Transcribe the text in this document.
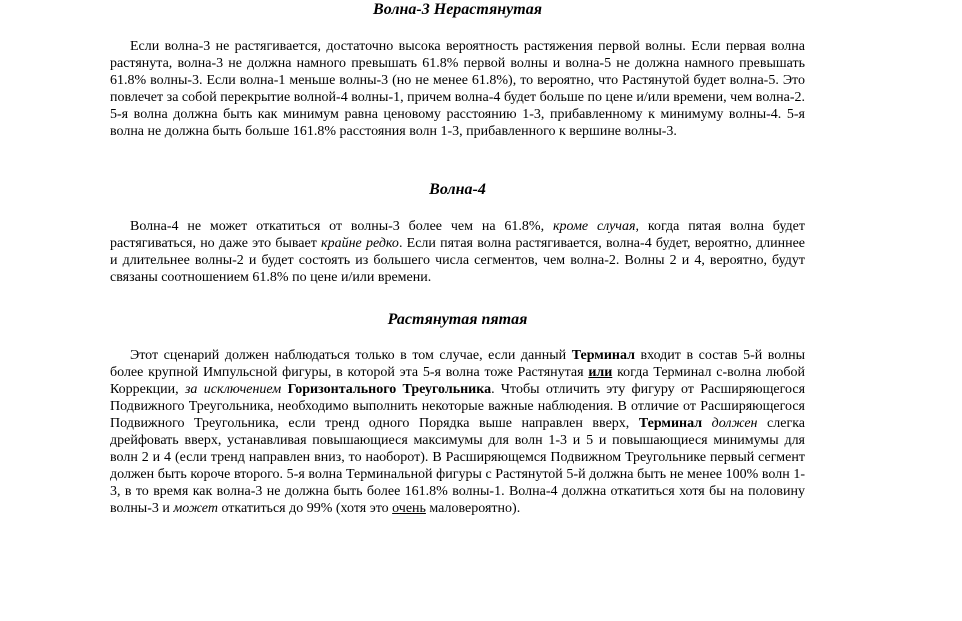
Волна-3 Нерастянутая

Если волна-3 не растягивается, достаточно высока вероятность растяжения первой волны. Если первая волна растянута, волна-3 не должна намного превышать 61.8% первой волны и волна-5 не должна намного превышать 61.8% волны-3. Если волна-1 меньше волны-3 (но не менее 61.8%), то вероятно, что Растянутой будет волна-5. Это повлечет за собой перекрытие волной-4 волны-1, причем волна-4 будет больше по цене и/или времени, чем волна-2. 5-я волна должна быть как минимум равна ценовому расстоянию 1-3, прибавленному к минимуму волны-4. 5-я волна не должна быть больше 161.8% расстояния волн 1-3, прибавленного к вершине волны-3.

Волна-4

Волна-4 не может откатиться от волны-3 более чем на 61.8%, кроме случая, когда пятая волна будет растягиваться, но даже это бывает крайне редко. Если пятая волна растягивается, волна-4 будет, вероятно, длиннее и длительнее волны-2 и будет состоять из большего числа сегментов, чем волна-2. Волны 2 и 4, вероятно, будут связаны соотношением 61.8% по цене и/или времени.

Растянутая пятая

Этот сценарий должен наблюдаться только в том случае, если данный Терминал входит в состав 5-й волны более крупной Импульсной фигуры, в которой эта 5-я волна тоже Растянутая или когда Терминал c-волна любой Коррекции, за исключением Горизонтального Треугольника. Чтобы отличить эту фигуру от Расширяющегося Подвижного Треугольника, необходимо выполнить некоторые важные наблюдения. В отличие от Расширяющегося Подвижного Треугольника, если тренд одного Порядка выше направлен вверх, Терминал должен слегка дрейфовать вверх, устанавливая повышающиеся максимумы для волн 1-3 и 5 и повышающиеся минимумы для волн 2 и 4 (если тренд направлен вниз, то наоборот). В Расширяющемся Подвижном Треугольнике первый сегмент должен быть короче второго. 5-я волна Терминальной фигуры с Растянутой 5-й должна быть не менее 100% волн 1-3, в то время как волна-3 не должна быть более 161.8% волны-1. Волна-4 должна откатиться хотя бы на половину волны-3 и может откатиться до 99% (хотя это очень маловероятно).
